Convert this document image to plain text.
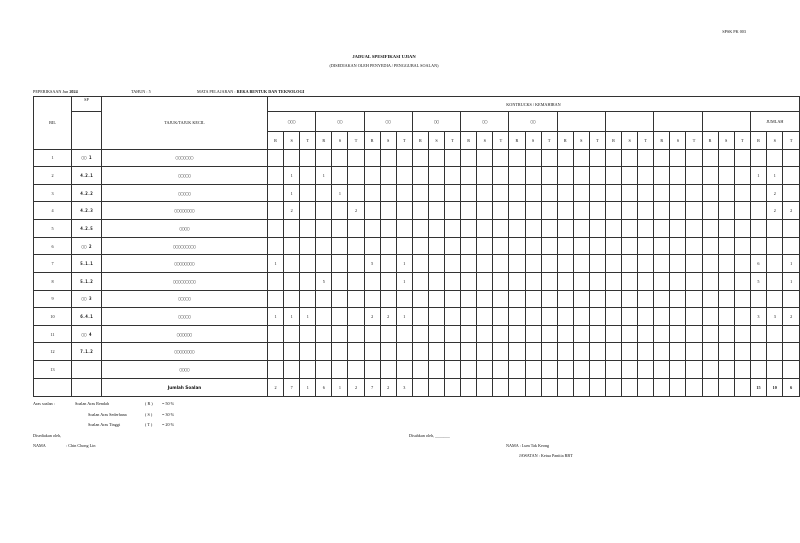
SPSK PK 003
JADUAL SPESIFIKASI UJIAN
(DISEDIAKAN OLEH PENYEDIA / PENGGUBAL SOALAN)
PEPERIKSAAN Jun 2024	TAHUN : 5	MATA PELAJARAN : REKA BENTUK DAN TEKNOLOGI
BIL	SP	TAJUK/TAJUK KECIL	KONTRUCKS / KEMAHIRAN																																
			▢▢▢			▢▢			▢▢			▢▢			▢▢			▢▢															JUMLAH		
			R	S	T	R	S	T	R	S	T	R	S	T	R	S	T	R	S	T	R	S	T	R	S	T	R	S	T	R	S	T	R	S	T
1	▢▢ 1	▢▢▢▢▢▢▢																																	
2	4.2.1	▢▢▢▢▢		1		1																											1	1	
3	4.2.2	▢▢▢▢▢		1			1																											2	
4	4.2.3	▢▢▢▢▢▢▢▢		2				2																										2	2
5	4.2.5	▢▢▢▢																																	
6	▢▢ 2	▢▢▢▢▢▢▢▢▢																																	
7	5.1.1	▢▢▢▢▢▢▢▢	1						5		1																						6		1
8	5.1.2	▢▢▢▢▢▢▢▢▢				5					1																						5		1
9	▢▢ 3	▢▢▢▢▢																																	
10	6.4.1	▢▢▢▢▢	1	1	1				2	2	1																						3	3	2
11	▢▢ 4	▢▢▢▢▢▢																																	
12	7.1.2	▢▢▢▢▢▢▢▢																																	
13		▢▢▢▢																																	
		Jumlah Soalan	2	7	1	6	1	2	7	2	3																						15	10	6
Aras soalan :	Soalan Aras Rendah	( R ) = 50 %
Soalan Aras Sederhana	( S ) = 30 %
Soalan Aras Tinggi	( T ) = 20 %
Disediakan oleh,
NAMA	: Chin Chong Lin
Disahkan oleh, _______
NAMA : Lum Tak Keong
JAWATAN : Ketua Panitia RBT
